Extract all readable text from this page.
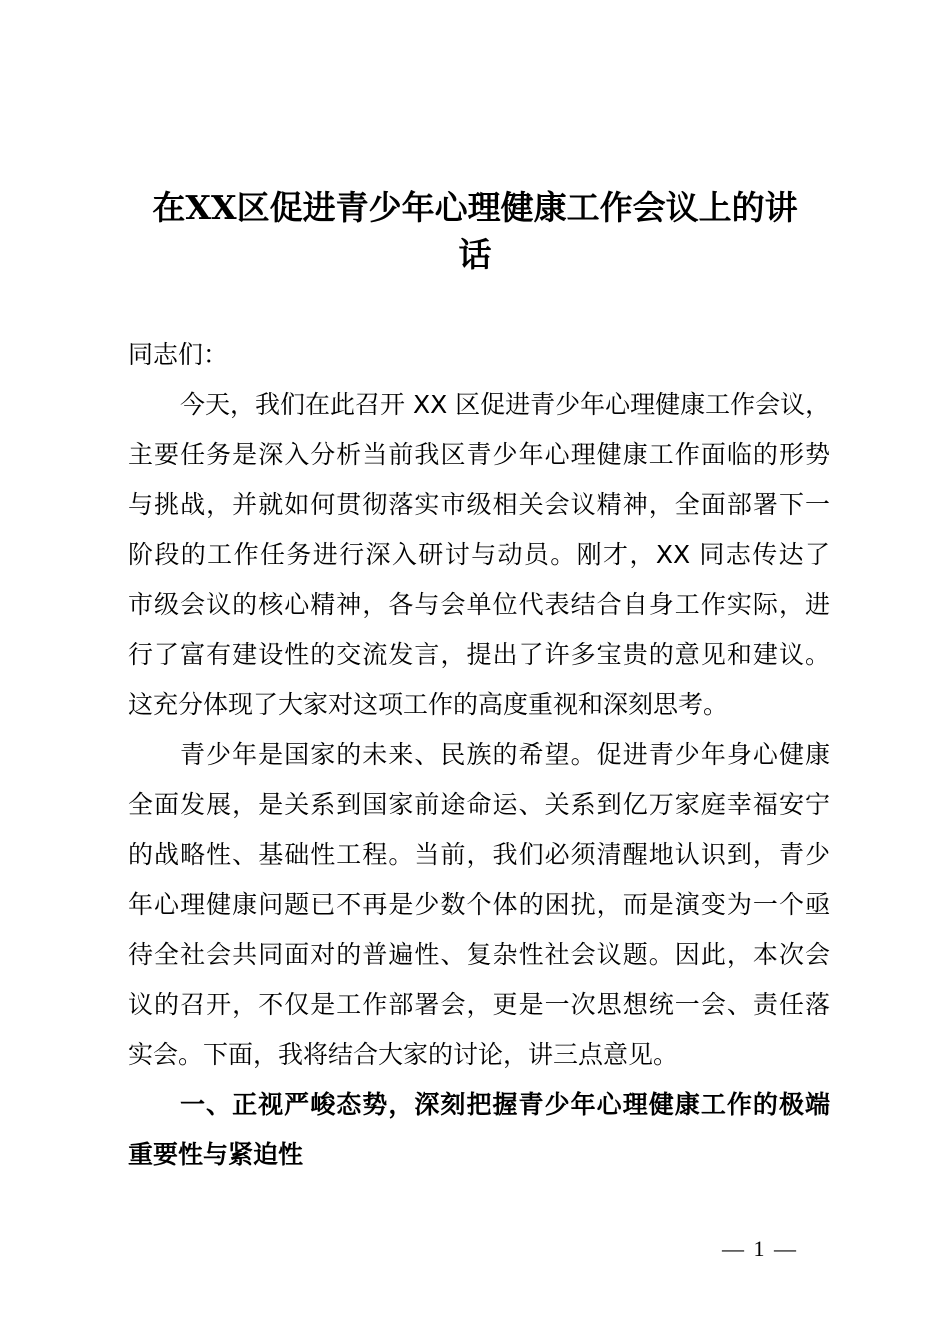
在XX区促进青少年心理健康工作会议上的讲
话
同志们：
今天，我们在此召开 XX 区促进青少年心理健康工作会议，
主要任务是深入分析当前我区青少年心理健康工作面临的形势
与挑战，并就如何贯彻落实市级相关会议精神，全面部署下一
阶段的工作任务进行深入研讨与动员。刚才，XX 同志传达了
市级会议的核心精神，各与会单位代表结合自身工作实际，进
行了富有建设性的交流发言，提出了许多宝贵的意见和建议。
这充分体现了大家对这项工作的高度重视和深刻思考。
青少年是国家的未来、民族的希望。促进青少年身心健康
全面发展，是关系到国家前途命运、关系到亿万家庭幸福安宁
的战略性、基础性工程。当前，我们必须清醒地认识到，青少
年心理健康问题已不再是少数个体的困扰，而是演变为一个亟
待全社会共同面对的普遍性、复杂性社会议题。因此，本次会
议的召开，不仅是工作部署会，更是一次思想统一会、责任落
实会。下面，我将结合大家的讨论，讲三点意见。
一、正视严峻态势，深刻把握青少年心理健康工作的极端
重要性与紧迫性
— 1 —
